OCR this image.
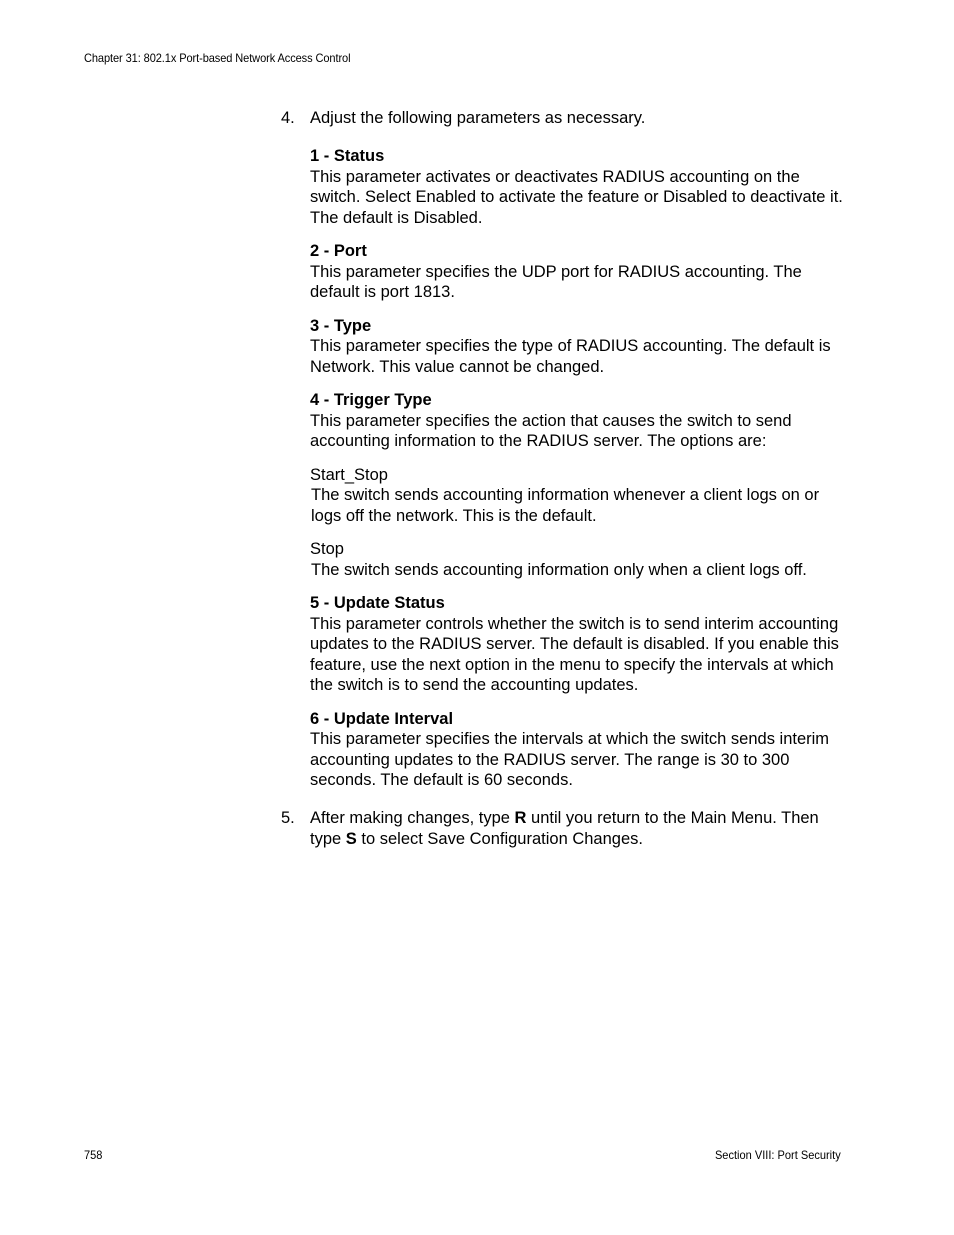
Chapter 31: 802.1x Port-based Network Access Control
4. Adjust the following parameters as necessary.
1 - Status
This parameter activates or deactivates RADIUS accounting on the switch. Select Enabled to activate the feature or Disabled to deactivate it. The default is Disabled.
2 - Port
This parameter specifies the UDP port for RADIUS accounting. The default is port 1813.
3 - Type
This parameter specifies the type of RADIUS accounting. The default is Network. This value cannot be changed.
4 - Trigger Type
This parameter specifies the action that causes the switch to send accounting information to the RADIUS server. The options are:
Start_Stop
The switch sends accounting information whenever a client logs on or logs off the network. This is the default.
Stop
The switch sends accounting information only when a client logs off.
5 - Update Status
This parameter controls whether the switch is to send interim accounting updates to the RADIUS server. The default is disabled. If you enable this feature, use the next option in the menu to specify the intervals at which the switch is to send the accounting updates.
6 - Update Interval
This parameter specifies the intervals at which the switch sends interim accounting updates to the RADIUS server. The range is 30 to 300 seconds. The default is 60 seconds.
5. After making changes, type R until you return to the Main Menu. Then type S to select Save Configuration Changes.
758	Section VIII: Port Security
